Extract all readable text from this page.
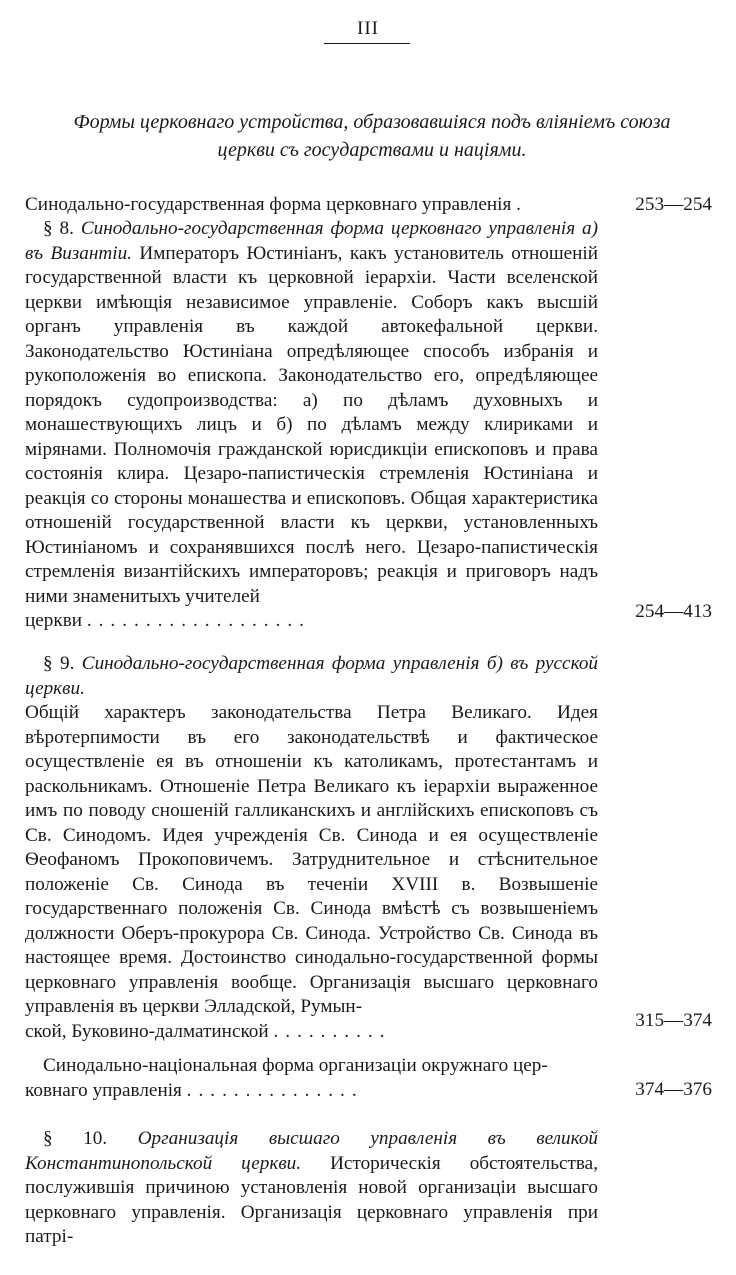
III
Формы церковнаго устройства, образовавшiяся подъ влiянiемъ союза
церкви съ государствами и нацiями.

Синодально-государственная форма церковнаго управленiя .	253—254

§ 8. Синодально-государственная форма церковнаго управленiя а) въ Византiи. Императоръ Юстинiанъ, какъ установитель отношенiй государственной власти къ церковной iерархiи. Части вселенской церкви имѣющiя независимое управленiе. Соборъ какъ высшiй органъ управленiя въ каждой автокефальной церкви. Законодательство Юстинiана опредѣляющее способъ избранiя и рукоположенiя во епископа. Законодательство его, опредѣляющее порядокъ судопроизводства: а) по дѣламъ духовныхъ и монашествующихъ лицъ и б) по дѣламъ между клириками и мiрянами. Полномочiя гражданской юрисдикцiи епископовъ и права состоянiя клира. Цезаро-папистическiя стремленiя Юстинiана и реакцiя со стороны монашества и епископовъ. Общая характеристика отношенiй государственной власти къ церкви, установленныхъ Юстинiаномъ и сохранявшихся послѣ него. Цезаро-папистическiя стремленiя византiйскихъ императоровъ; реакцiя и приговоръ надъ ними знаменитыхъ учителей

церкви ...................	254—413

§ 9. Синодально-государственная форма управленiя б) въ русской церкви.

Общiй характеръ законодательства Петра Великаго. Идея вѣротерпимости въ его законодательствѣ и фактическое осуществленiе ея въ отношенiи къ католикамъ, протестантамъ и раскольникамъ. Отношенiе Петра Великаго къ iерархiи выраженное имъ по поводу сношенiй галликанскихъ и англiйскихъ епископовъ съ Св. Синодомъ. Идея учрежденiя Св. Синода и ея осуществленiе Ѳеофаномъ Прокоповичемъ. Затруднительное и стѣснительное положенiе Св. Синода въ теченiи XVIII в. Возвышенiе государственнаго положенiя Св. Синода вмѣстѣ съ возвышенiемъ должности Оберъ-прокурора Св. Синода. Устройство Св. Синода въ настоящее время. Достоинство синодально-государственной формы церковнаго управленiя вообще. Организацiя высшаго церковнаго управленiя въ церкви Элладской, Румын-

ской, Буковино-далматинской ..........	315—374

Синодально-нацiональная форма организацiи окружнаго цер-

ковнаго управленiя ...............	374—376

§ 10. Организацiя высшаго управленiя въ великой Константинопольской церкви. Историческiя обстоятельства, послужившiя причиною установленiя новой организацiи высшаго церковнаго управленiя. Организацiя церковнаго управленiя при патрi-
